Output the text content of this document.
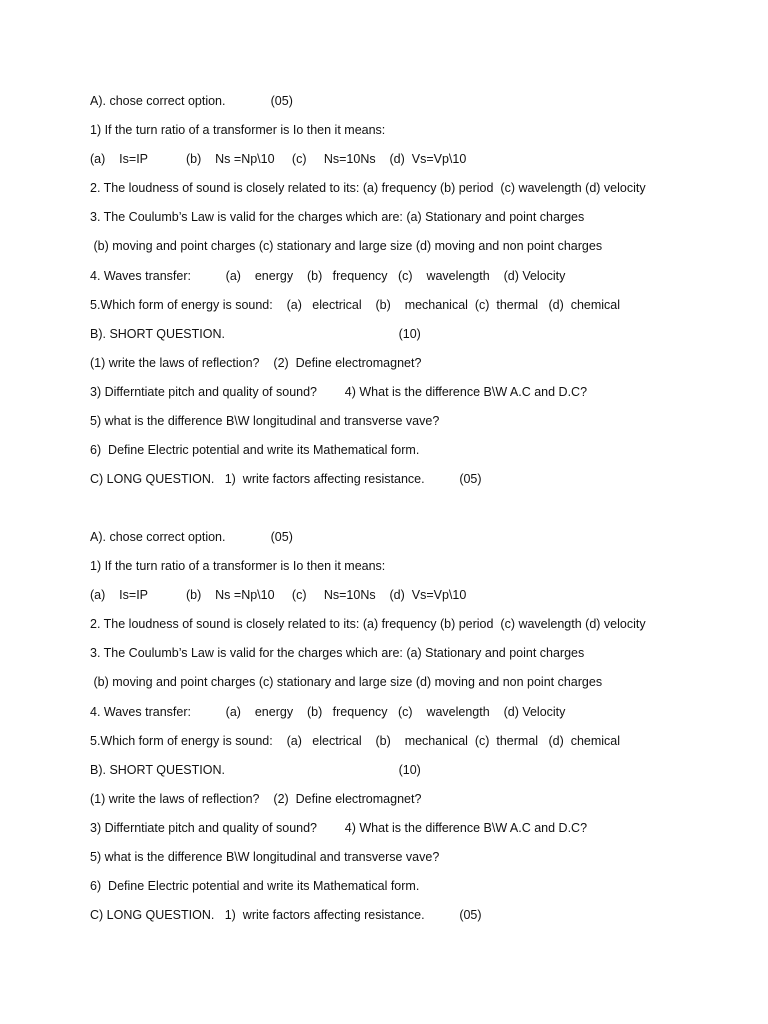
A). chose correct option.             (05)
1) If the turn ratio of a transformer is Io then it means:
(a)    Is=IP           (b)    Ns =Np\10     (c)     Ns=10Ns    (d)  Vs=Vp\10
2. The loudness of sound is closely related to its: (a) frequency (b) period  (c) wavelength (d) velocity
3. The Coulumb’s Law is valid for the charges which are: (a) Stationary and point charges
(b) moving and point charges (c) stationary and large size (d) moving and non point charges
4. Waves transfer:          (a)    energy    (b)   frequency   (c)    wavelength    (d) Velocity
5.Which form of energy is sound:    (a)   electrical    (b)    mechanical  (c)  thermal   (d)  chemical
B). SHORT QUESTION.                                                  (10)
(1) write the laws of reflection?    (2)  Define electromagnet?
3) Differntiate pitch and quality of sound?        4) What is the difference B\W A.C and D.C?
5) what is the difference B\W longitudinal and transverse vave?
6)  Define Electric potential and write its Mathematical form.
C) LONG QUESTION.   1)  write factors affecting resistance.          (05)
A). chose correct option.             (05)
1) If the turn ratio of a transformer is Io then it means:
(a)    Is=IP           (b)    Ns =Np\10     (c)     Ns=10Ns    (d)  Vs=Vp\10
2. The loudness of sound is closely related to its: (a) frequency (b) period  (c) wavelength (d) velocity
3. The Coulumb’s Law is valid for the charges which are: (a) Stationary and point charges
(b) moving and point charges (c) stationary and large size (d) moving and non point charges
4. Waves transfer:          (a)    energy    (b)   frequency   (c)    wavelength    (d) Velocity
5.Which form of energy is sound:    (a)   electrical    (b)    mechanical  (c)  thermal   (d)  chemical
B). SHORT QUESTION.                                                  (10)
(1) write the laws of reflection?    (2)  Define electromagnet?
3) Differntiate pitch and quality of sound?        4) What is the difference B\W A.C and D.C?
5) what is the difference B\W longitudinal and transverse vave?
6)  Define Electric potential and write its Mathematical form.
C) LONG QUESTION.   1)  write factors affecting resistance.          (05)
